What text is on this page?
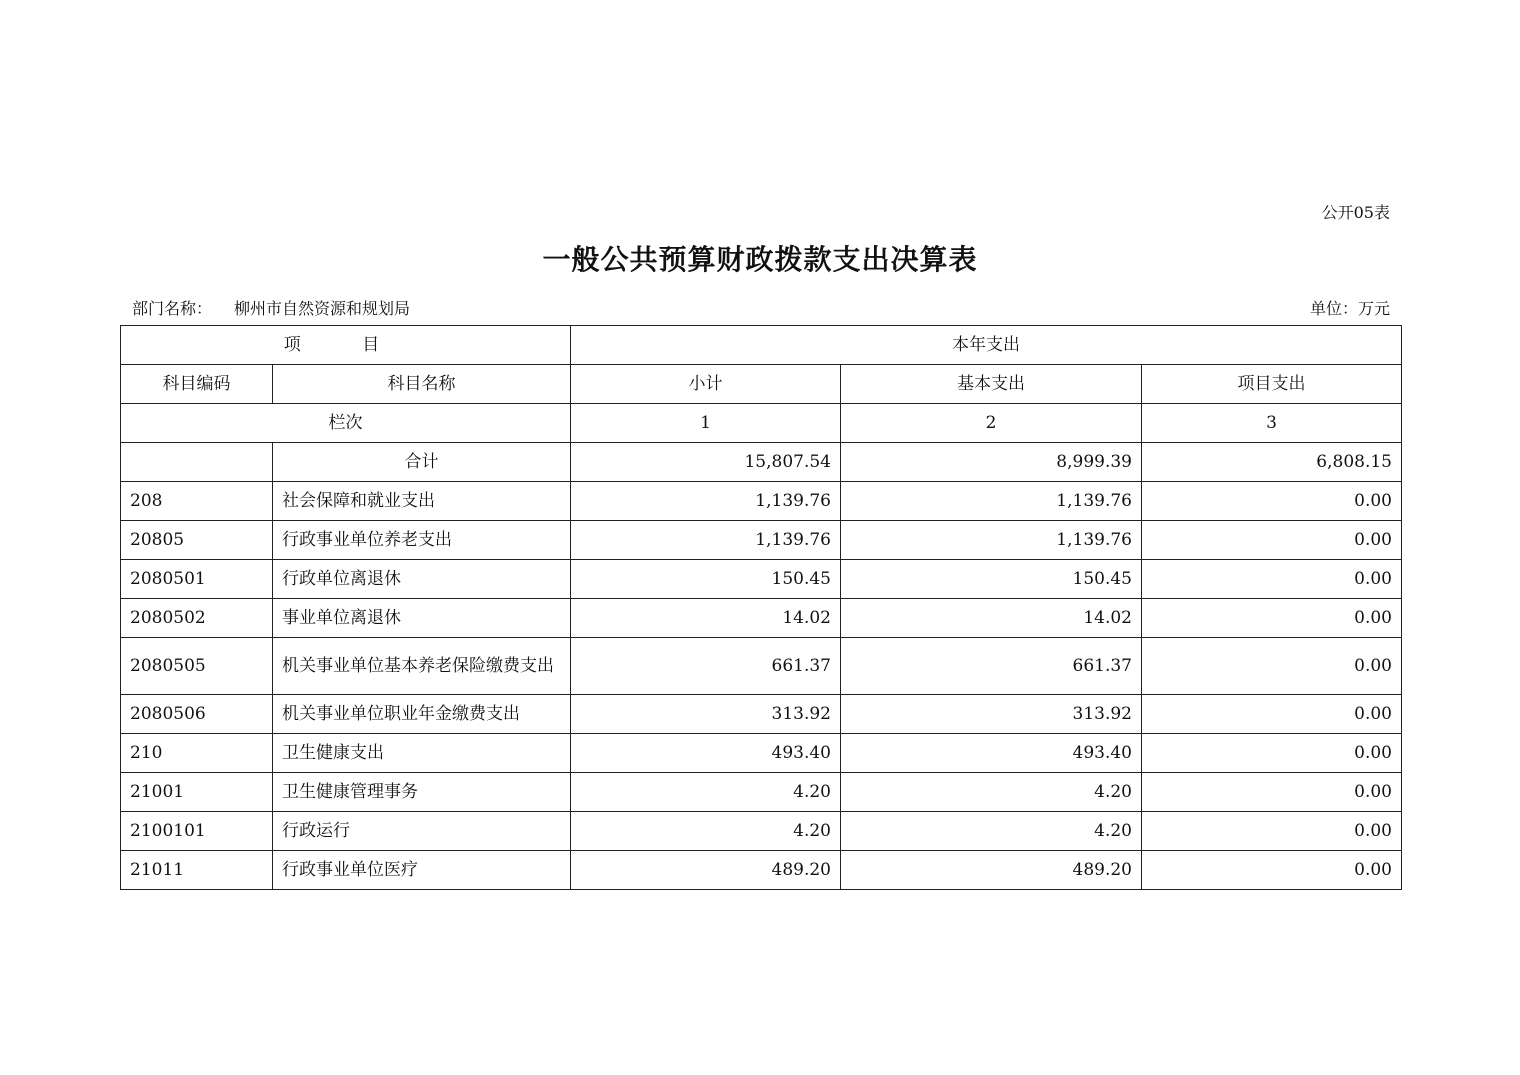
公开05表
一般公共预算财政拨款支出决算表
部门名称： 柳州市自然资源和规划局	单位：万元
项 目		本年支出		
科目编码	科目名称	小计	基本支出	项目支出
栏次		1	2	3
	合计	15,807.54	8,999.39	6,808.15
208	社会保障和就业支出	1,139.76	1,139.76	0.00
20805	行政事业单位养老支出	1,139.76	1,139.76	0.00
2080501	行政单位离退休	150.45	150.45	0.00
2080502	事业单位离退休	14.02	14.02	0.00
2080505	机关事业单位基本养老保险缴费支出	661.37	661.37	0.00
2080506	机关事业单位职业年金缴费支出	313.92	313.92	0.00
210	卫生健康支出	493.40	493.40	0.00
21001	卫生健康管理事务	4.20	4.20	0.00
2100101	行政运行	4.20	4.20	0.00
21011	行政事业单位医疗	489.20	489.20	0.00
